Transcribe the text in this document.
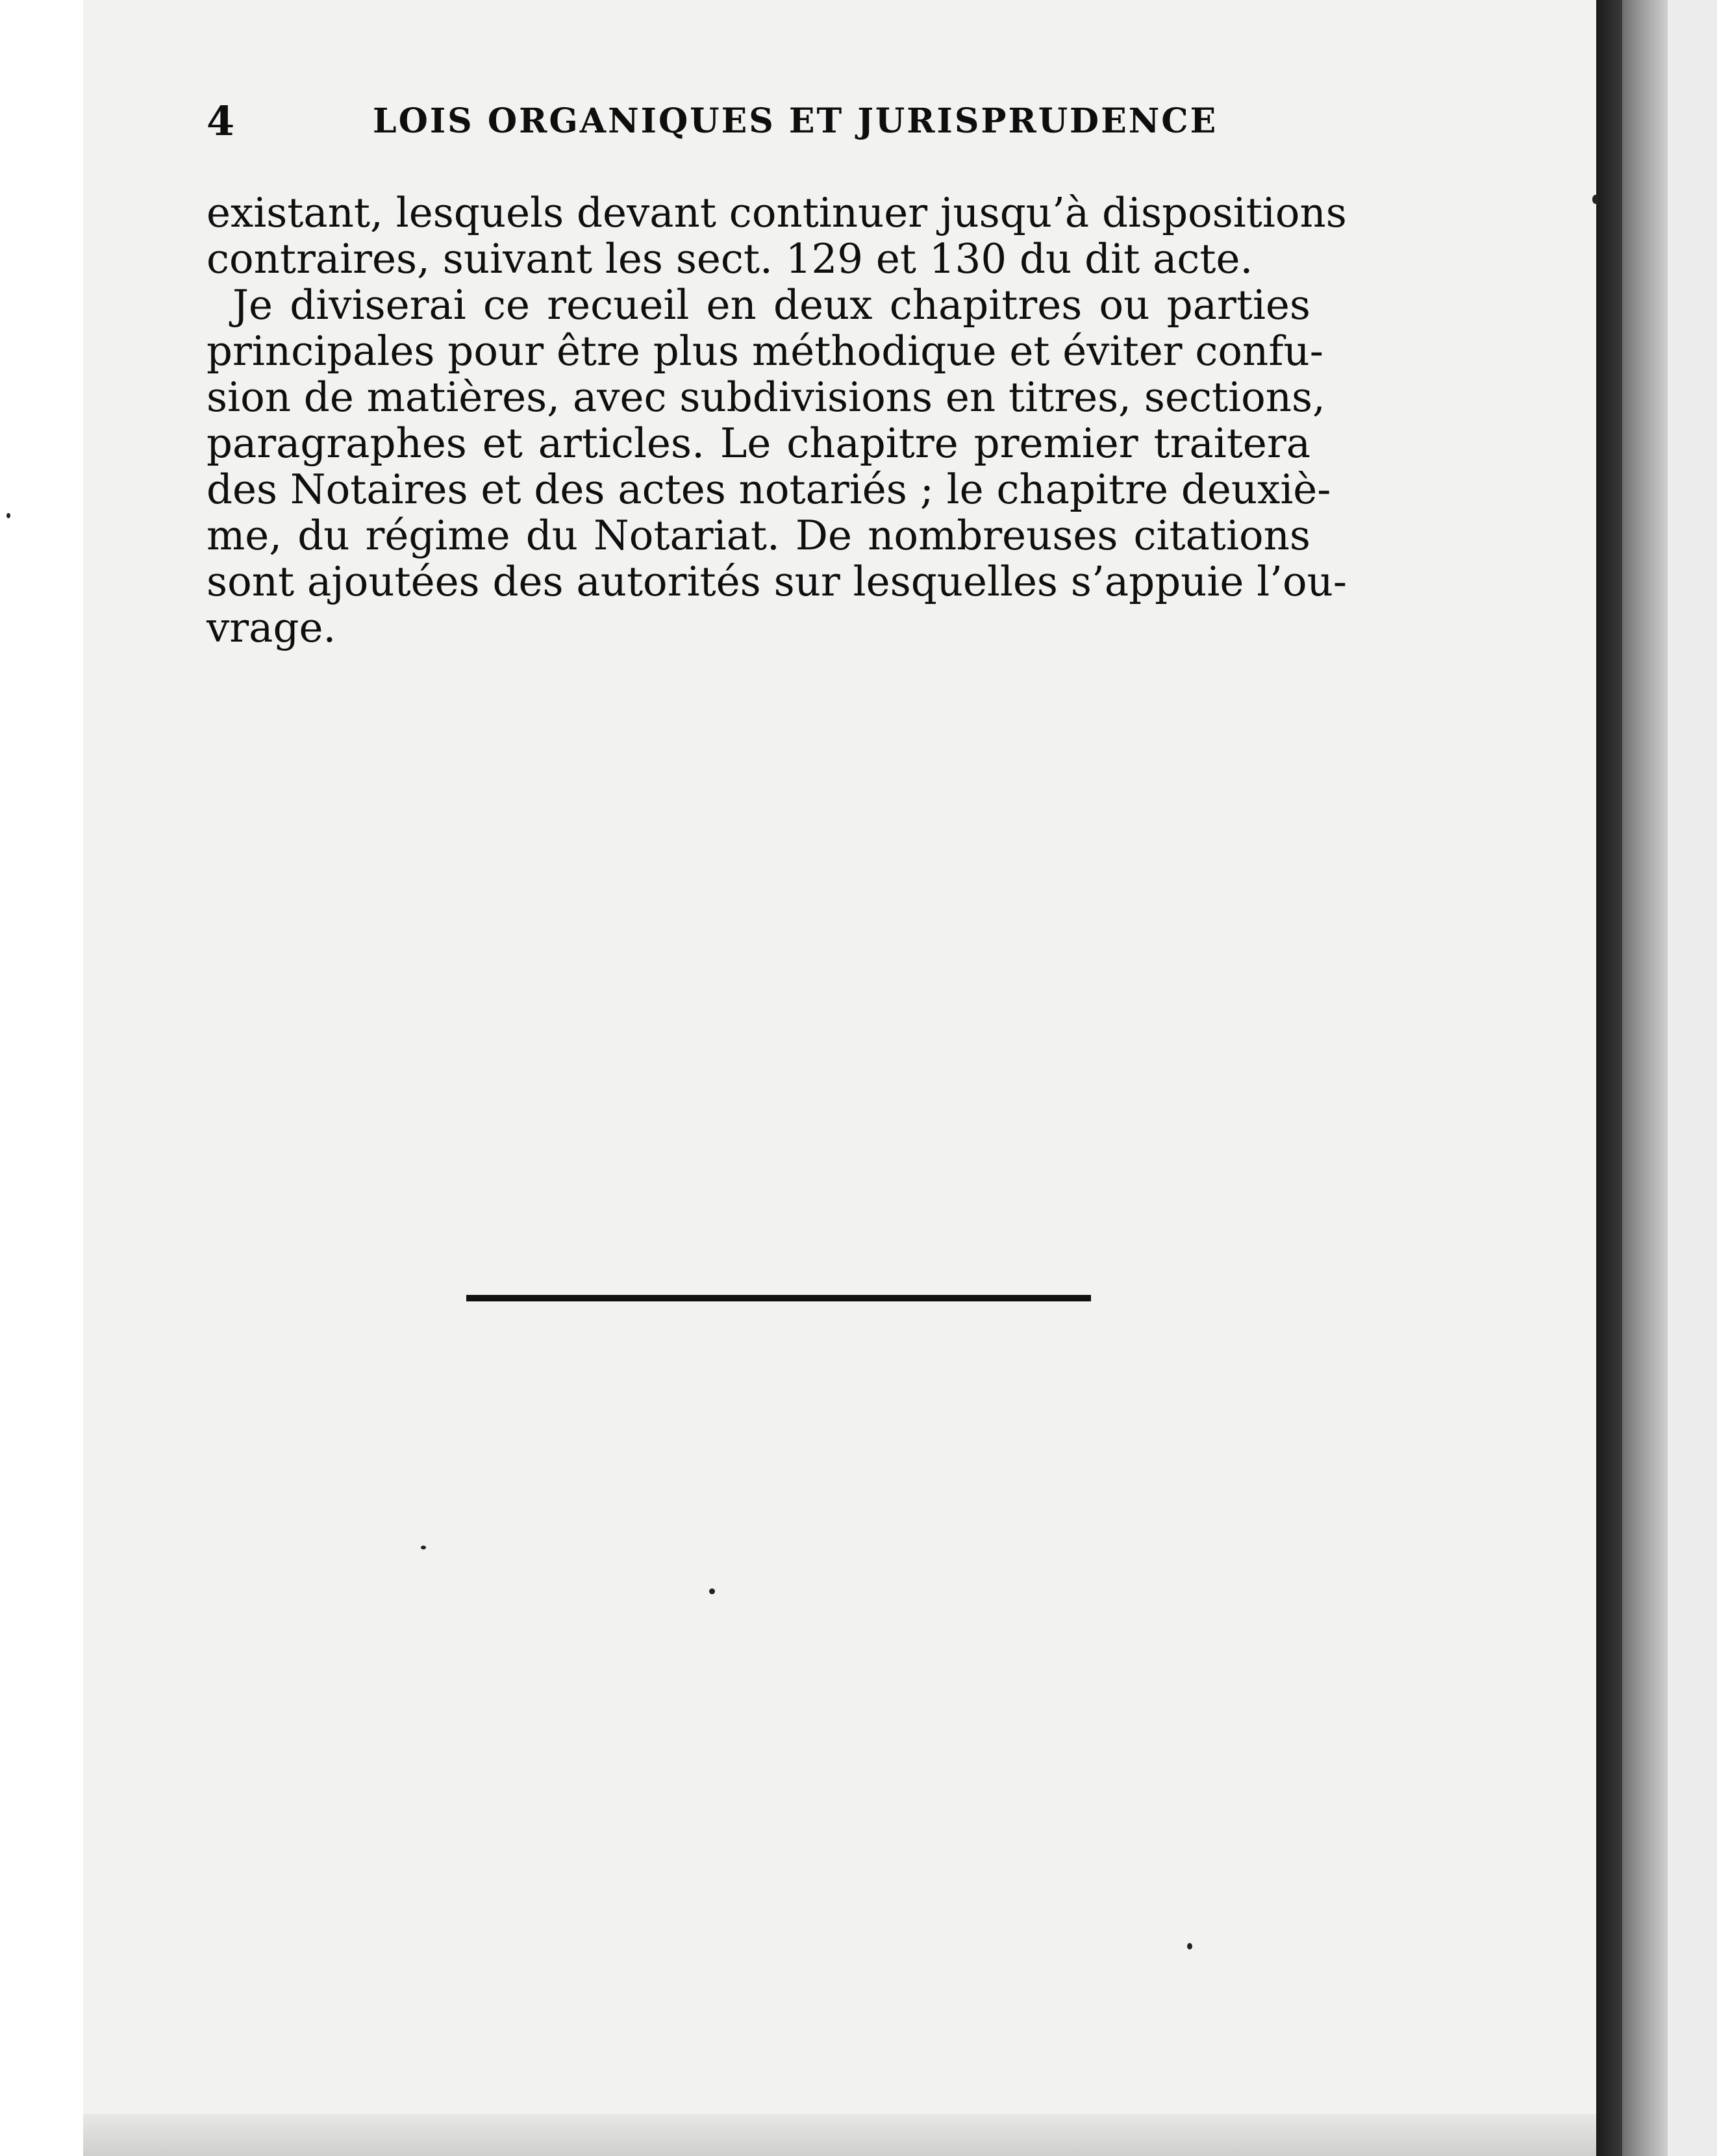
4	LOIS ORGANIQUES ET JURISPRUDENCE
existant, lesquels devant continuer jusqu’à dispositions
contraires, suivant les sect. 129 et 130 du dit acte.
Je diviserai ce recueil en deux chapitres ou parties
principales pour être plus méthodique et éviter confu-
sion de matières, avec subdivisions en titres, sections,
paragraphes et articles. Le chapitre premier traitera
des Notaires et des actes notariés ; le chapitre deuxiè-
me, du régime du Notariat. De nombreuses citations
sont ajoutées des autorités sur lesquelles s’appuie l’ou-
vrage.
